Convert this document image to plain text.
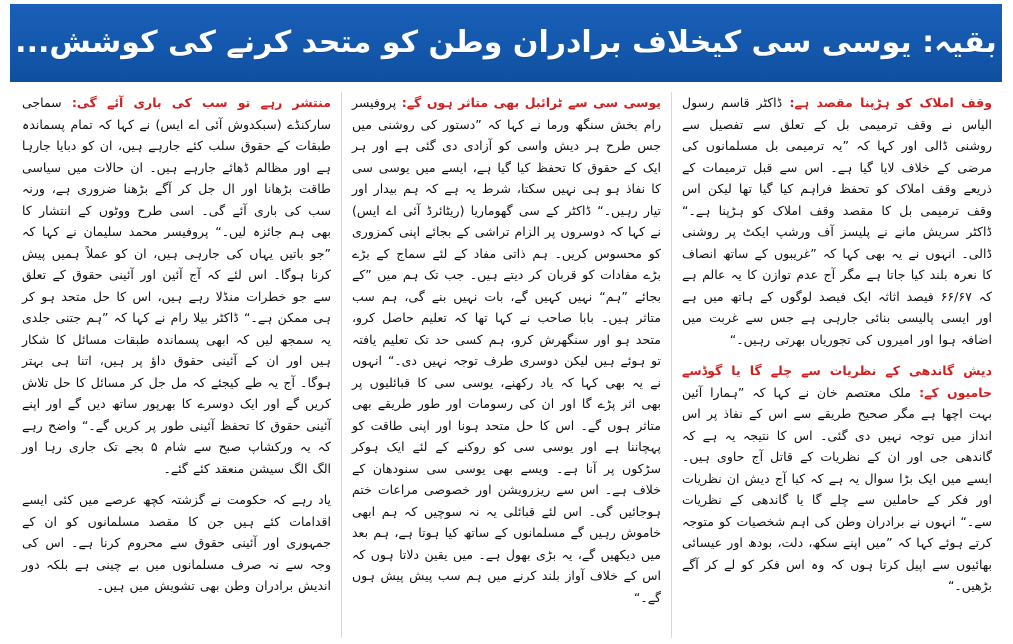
بقیہ: یوسی سی کیخلاف برادران وطن کو متحد کرنے کی کوشش...

وقف املاک کو ہڑپنا مقصد ہے: ڈاکٹر قاسم رسول الیاس نے وقف ترمیمی بل کے تعلق سے تفصیل سے روشنی ڈالی اور کہا کہ ”یہ ترمیمی بل مسلمانوں کی مرضی کے خلاف لایا گیا ہے۔ اس سے قبل ترمیمات کے ذریعے وقف املاک کو تحفظ فراہم کیا گیا تھا لیکن اس وقف ترمیمی بل کا مقصد وقف املاک کو ہڑپنا ہے۔“ ڈاکٹر سریش مانے نے پلیسز آف ورشپ ایکٹ پر روشنی ڈالی۔ انہوں نے یہ بھی کہا کہ ”غریبوں کے ساتھ انصاف کا نعرہ بلند کیا جاتا ہے مگر آج عدم توازن کا یہ عالم ہے کہ ۶۶/۶۷ فیصد اثاثہ ایک فیصد لوگوں کے ہاتھ میں ہے اور ایسی پالیسی بنائی جارہی ہے جس سے غربت میں اضافہ ہوا اور امیروں کی تجوریاں بھرتی رہیں۔“

دیش گاندھی کے نظریات سے چلے گا یا گوڈسے حامیوں کے: ملک معتصم خان نے کہا کہ ”ہمارا آئین بہت اچھا ہے مگر صحیح طریقے سے اس کے نفاذ پر اس انداز میں توجہ نہیں دی گئی۔ اس کا نتیجہ یہ ہے کہ گاندھی جی اور ان کے نظریات کے قاتل آج حاوی ہیں۔ ایسے میں ایک بڑا سوال یہ ہے کہ کیا آج دیش ان نظریات اور فکر کے حاملین سے چلے گا یا گاندھی کے نظریات سے۔“ انہوں نے برادران وطن کی اہم شخصیات کو متوجہ کرتے ہوئے کہا کہ ”میں اپنے سکھ، دلت، بودھ اور عیسائی بھائیوں سے اپیل کرتا ہوں کہ وہ اس فکر کو لے کر آگے بڑھیں۔“

یوسی سی سے ٹرائبل بھی متاثر ہوں گے: پروفیسر رام بخش سنگھ ورما نے کہا کہ ”دستور کی روشنی میں جس طرح ہر دیش واسی کو آزادی دی گئی ہے اور ہر ایک کے حقوق کا تحفظ کیا گیا ہے، ایسے میں یوسی سی کا نفاذ ہو ہی نہیں سکتا، شرط یہ ہے کہ ہم بیدار اور تیار رہیں۔“ ڈاکٹر کے سی گھوماریا (ریٹائرڈ آئی اے ایس) نے کہا کہ دوسروں پر الزام تراشی کے بجائے اپنی کمزوری کو محسوس کریں۔ ہم ذاتی مفاد کے لئے سماج کے بڑے بڑے مفادات کو قربان کر دیتے ہیں۔ جب تک ہم میں ”کے بجائے ”ہم“ نہیں کہیں گے، بات نہیں بنے گی، ہم سب متاثر ہیں۔ بابا صاحب نے کہا تھا کہ تعلیم حاصل کرو، متحد ہو اور سنگھرش کرو، ہم کسی حد تک تعلیم یافتہ تو ہوئے ہیں لیکن دوسری طرف توجہ نہیں دی۔“ انہوں نے یہ بھی کہا کہ یاد رکھنے، یوسی سی کا قبائلیوں پر بھی اثر پڑے گا اور ان کی رسومات اور طور طریقے بھی متاثر ہوں گے۔ اس کا حل متحد ہونا اور اپنی طاقت کو پہچاننا ہے اور یوسی سی کو روکنے کے لئے ایک ہوکر سڑکوں پر آنا ہے۔ ویسے بھی یوسی سی سنودھان کے خلاف ہے۔ اس سے ریزرویشن اور خصوصی مراعات ختم ہوجائیں گی۔ اس لئے قبائلی یہ نہ سوچیں کہ ہم ابھی خاموش رہیں گے مسلمانوں کے ساتھ کیا ہوتا ہے، ہم بعد میں دیکھیں گے، یہ بڑی بھول ہے۔ میں یقین دلاتا ہوں کہ اس کے خلاف آواز بلند کرنے میں ہم سب پیش پیش ہوں گے۔“

منتشر رہے تو سب کی باری آئے گی: سماجی سارکنڈے (سبکدوش آئی اے ایس) نے کہا کہ تمام پسماندہ طبقات کے حقوق سلب کئے جارہے ہیں، ان کو دبایا جارہا ہے اور مظالم ڈھائے جارہے ہیں۔ ان حالات میں سیاسی طاقت بڑھانا اور ال جل کر آگے بڑھنا ضروری ہے، ورنہ سب کی باری آئے گی۔ اسی طرح ووٹوں کے انتشار کا بھی ہم جائزہ لیں۔“ پروفیسر محمد سلیمان نے کہا کہ ”جو باتیں یہاں کی جارہی ہیں، ان کو عملاً ہمیں پیش کرنا ہوگا۔ اس لئے کہ آج آئین اور آئینی حقوق کے تعلق سے جو خطرات منڈلا رہے ہیں، اس کا حل متحد ہو کر ہی ممکن ہے۔“ ڈاکٹر بیلا رام نے کہا کہ ”ہم جتنی جلدی یہ سمجھ لیں کہ ابھی پسماندہ طبقات مسائل کا شکار ہیں اور ان کے آئینی حقوق داؤ پر ہیں، اتنا ہی بہتر ہوگا۔ آج یہ طے کیجئے کہ مل جل کر مسائل کا حل تلاش کریں گے اور ایک دوسرے کا بھرپور ساتھ دیں گے اور اپنے آئینی حقوق کا تحفظ آئینی طور پر کریں گے۔“ واضح رہے کہ یہ ورکشاپ صبح سے شام ۵ بجے تک جاری رہا اور الگ الگ سیشن منعقد کئے گئے۔

یاد رہے کہ حکومت نے گزشتہ کچھ عرصے میں کئی ایسے اقدامات کئے ہیں جن کا مقصد مسلمانوں کو ان کے جمہوری اور آئینی حقوق سے محروم کرنا ہے۔ اس کی وجہ سے نہ صرف مسلمانوں میں بے چینی ہے بلکہ دور اندیش برادران وطن بھی تشویش میں ہیں۔
